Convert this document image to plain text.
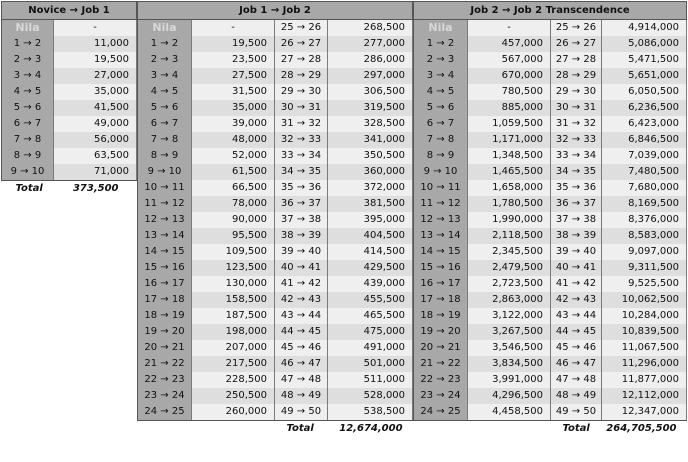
Novice → Job 1	
Nila	-
1 → 2	11,000
2 → 3	19,500
3 → 4	27,000
4 → 5	35,000
5 → 6	41,500
6 → 7	49,000
7 → 8	56,000
8 → 9	63,500
9 → 10	71,000
Total	373,500
Job 1 → Job 2			
Nila	-	25 → 26	268,500
1 → 2	19,500	26 → 27	277,000
2 → 3	23,500	27 → 28	286,000
3 → 4	27,500	28 → 29	297,000
4 → 5	31,500	29 → 30	306,500
5 → 6	35,000	30 → 31	319,500
6 → 7	39,000	31 → 32	328,500
7 → 8	48,000	32 → 33	341,000
8 → 9	52,000	33 → 34	350,500
9 → 10	61,500	34 → 35	360,000
10 → 11	66,500	35 → 36	372,000
11 → 12	78,000	36 → 37	381,500
12 → 13	90,000	37 → 38	395,000
13 → 14	95,500	38 → 39	404,500
14 → 15	109,500	39 → 40	414,500
15 → 16	123,500	40 → 41	429,500
16 → 17	130,000	41 → 42	439,000
17 → 18	158,500	42 → 43	455,500
18 → 19	187,500	43 → 44	465,500
19 → 20	198,000	44 → 45	475,000
20 → 21	207,000	45 → 46	491,000
21 → 22	217,500	46 → 47	501,000
22 → 23	228,500	47 → 48	511,000
23 → 24	250,500	48 → 49	528,000
24 → 25	260,000	49 → 50	538,500
		Total	12,674,000
Job 2 → Job 2 Transcendence			
Nila	-	25 → 26	4,914,000
1 → 2	457,000	26 → 27	5,086,000
2 → 3	567,000	27 → 28	5,471,500
3 → 4	670,000	28 → 29	5,651,000
4 → 5	780,500	29 → 30	6,050,500
5 → 6	885,000	30 → 31	6,236,500
6 → 7	1,059,500	31 → 32	6,423,000
7 → 8	1,171,000	32 → 33	6,846,500
8 → 9	1,348,500	33 → 34	7,039,000
9 → 10	1,465,500	34 → 35	7,480,500
10 → 11	1,658,000	35 → 36	7,680,000
11 → 12	1,780,500	36 → 37	8,169,500
12 → 13	1,990,000	37 → 38	8,376,000
13 → 14	2,118,500	38 → 39	8,583,000
14 → 15	2,345,500	39 → 40	9,097,000
15 → 16	2,479,500	40 → 41	9,311,500
16 → 17	2,723,500	41 → 42	9,525,500
17 → 18	2,863,000	42 → 43	10,062,500
18 → 19	3,122,000	43 → 44	10,284,000
19 → 20	3,267,500	44 → 45	10,839,500
20 → 21	3,546,500	45 → 46	11,067,500
21 → 22	3,834,500	46 → 47	11,296,000
22 → 23	3,991,000	47 → 48	11,877,000
23 → 24	4,296,500	48 → 49	12,112,000
24 → 25	4,458,500	49 → 50	12,347,000
		Total	264,705,500
